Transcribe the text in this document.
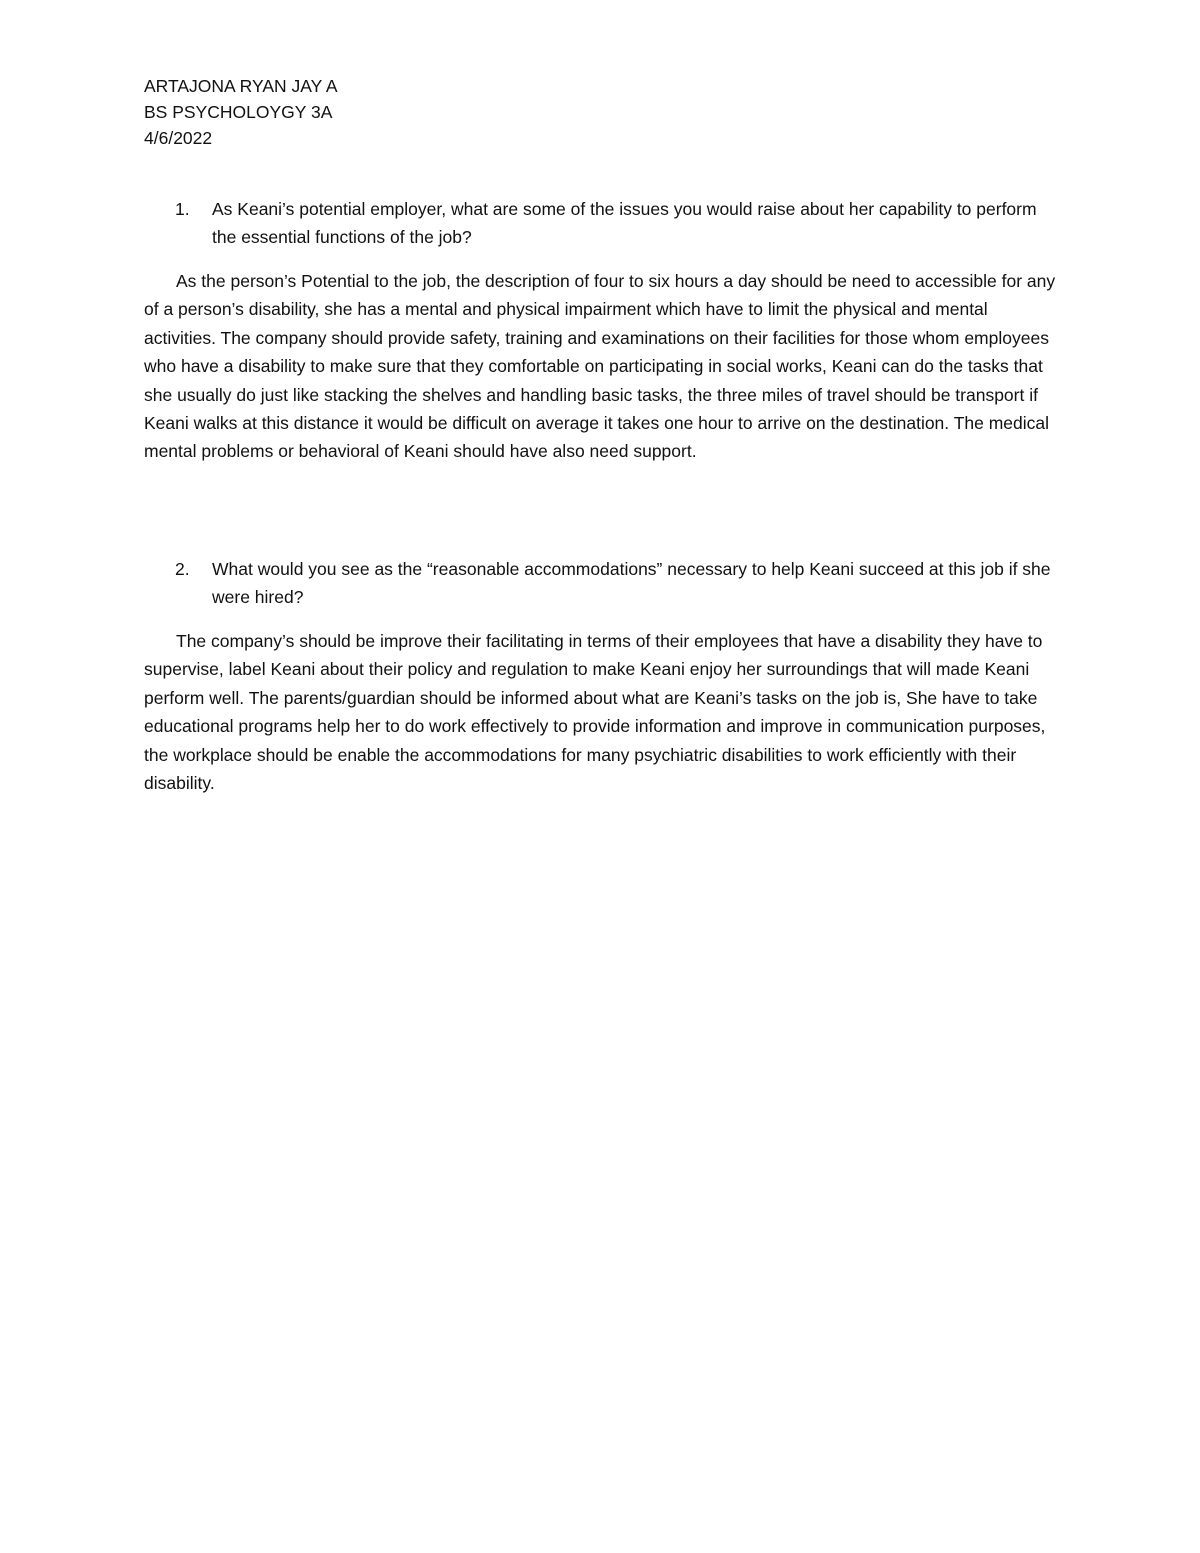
ARTAJONA RYAN JAY A
BS PSYCHOLOYGY 3A
4/6/2022
1. As Keani’s potential employer, what are some of the issues you would raise about her capability to perform the essential functions of the job?

As the person’s Potential to the job, the description of four to six hours a day should be need to accessible for any of a person’s disability, she has a mental and physical impairment which have to limit the physical and mental activities. The company should provide safety, training and examinations on their facilities for those whom employees who have a disability to make sure that they comfortable on participating in social works, Keani can do the tasks that she usually do just like stacking the shelves and handling basic tasks, the three miles of travel should be transport if Keani walks at this distance it would be difficult on average it takes one hour to arrive on the destination. The medical mental problems or behavioral of Keani should have also need support.

2. What would you see as the “reasonable accommodations” necessary to help Keani succeed at this job if she were hired?

The company’s should be improve their facilitating in terms of their employees that have a disability they have to supervise, label Keani about their policy and regulation to make Keani enjoy her surroundings that will made Keani perform well. The parents/guardian should be informed about what are Keani’s tasks on the job is, She have to take educational programs help her to do work effectively to provide information and improve in communication purposes, the workplace should be enable the accommodations for many psychiatric disabilities to work efficiently with their disability.
